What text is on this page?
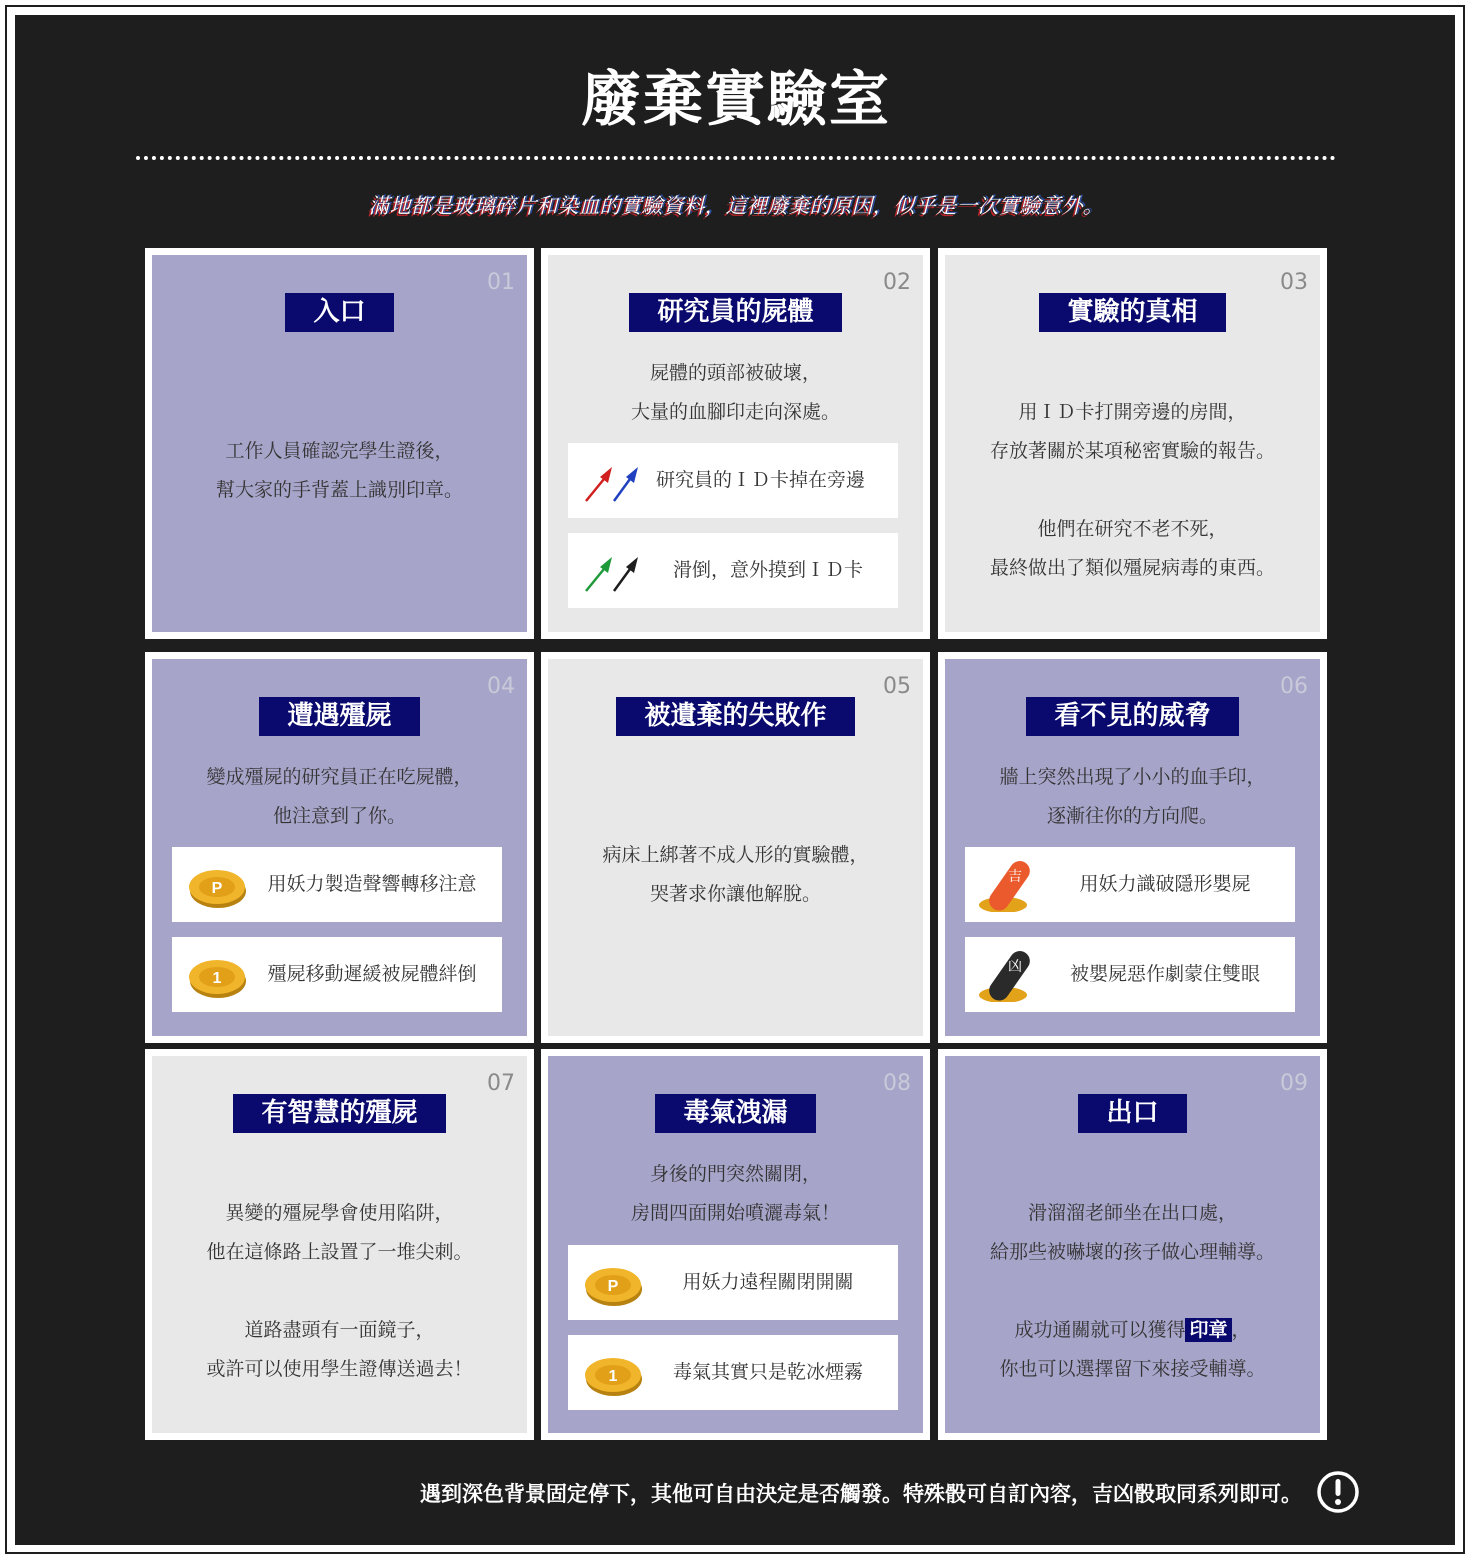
廢棄實驗室
滿地都是玻璃碎片和染血的實驗資料，這裡廢棄的原因，似乎是一次實驗意外。
01
入口
工作人員確認完學生證後，
幫大家的手背蓋上識別印章。
02
研究員的屍體
屍體的頭部被破壞，
大量的血腳印走向深處。
研究員的ＩＤ卡掉在旁邊
滑倒，意外摸到ＩＤ卡
03
實驗的真相
用ＩＤ卡打開旁邊的房間，
存放著關於某項秘密實驗的報告。
他們在研究不老不死，
最終做出了類似殭屍病毒的東西。
04
遭遇殭屍
變成殭屍的研究員正在吃屍體，
他注意到了你。
P	用妖力製造聲響轉移注意
1	殭屍移動遲緩被屍體絆倒
05
被遺棄的失敗作
病床上綁著不成人形的實驗體，
哭著求你讓他解脫。
06
看不見的威脅
牆上突然出現了小小的血手印，
逐漸往你的方向爬。
吉	用妖力識破隱形嬰屍
凶	被嬰屍惡作劇蒙住雙眼
07
有智慧的殭屍
異變的殭屍學會使用陷阱，
他在這條路上設置了一堆尖刺。
道路盡頭有一面鏡子，
或許可以使用學生證傳送過去！
08
毒氣洩漏
身後的門突然關閉，
房間四面開始噴灑毒氣！
P	用妖力遠程關閉開關
1	毒氣其實只是乾冰煙霧
09
出口
滑溜溜老師坐在出口處，
給那些被嚇壞的孩子做心理輔導。
成功通關就可以獲得 印章 ，
你也可以選擇留下來接受輔導。
遇到深色背景固定停下，其他可自由決定是否觸發。特殊骰可自訂內容，吉凶骰取同系列即可。
